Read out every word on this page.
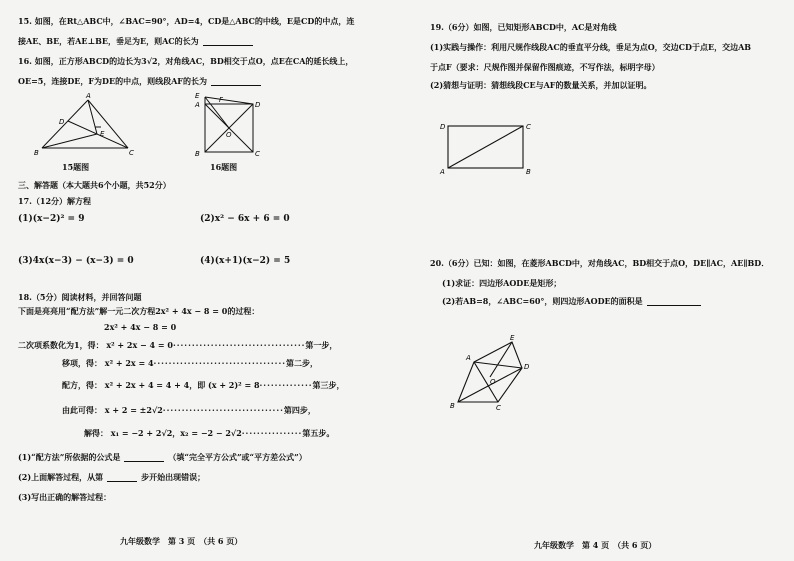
15. 如图，在Rt△ABC中，∠BAC=90°，AD=4，CD是△ABC的中线，E是CD的中点，连
接AE、BE，若AE⊥BE，垂足为E，则AC的长为
16. 如图，正方形ABCD的边长为3√2，对角线AC，BD相交于点O，点E在CA的延长线上，
OE=5，连接DE，F为DE的中点，则线段AF的长为
A
D
E
B	C
15题图
E
A	D
F
O
B	C
16题图
三、解答题（本大题共6个小题，共52分）
17.（12分）解方程
(1)(x−2)² = 9	(2)x² − 6x + 6 = 0
(3)4x(x−3) − (x−3) = 0	(4)(x+1)(x−2) = 5
18.（5分）阅读材料，并回答问题
下面是亮亮用“配方法”解一元二次方程2x² + 4x − 8 = 0的过程：
2x² + 4x − 8 = 0
二次项系数化为1，得： x² + 2x − 4 = 0···································第一步，
移项，得： x² + 2x = 4···································第二步，
配方，得： x² + 2x + 4 = 4 + 4，即 (x + 2)² = 8··············第三步，
由此可得： x + 2 = ±2√2································第四步，
解得： x₁ = −2 + 2√2，x₂ = −2 − 2√2················第五步。
(1)“配方法”所依据的公式是	（填“完全平方公式”或“平方差公式”）
(2)上面解答过程，从第	步开始出现错误；
(3)写出正确的解答过程：
九年级数学　第 3 页　（共 6 页）
19.（6分）如图，已知矩形ABCD中，AC是对角线
(1)实践与操作：利用尺规作线段AC的垂直平分线，垂足为点O，交边CD于点E，交边AB
于点F（要求：尺规作图并保留作图痕迹，不写作法，标明字母）
(2)猜想与证明：猜想线段CE与AF的数量关系，并加以证明。
D	C
A	B
20.（6分）已知：如图，在菱形ABCD中，对角线AC，BD相交于点O，DE∥AC，AE∥BD．
(1)求证：四边形AODE是矩形；
(2)若AB=8，∠ABC=60°，则四边形AODE的面积是
A
E
D
O
B	C
九年级数学　第 4 页　（共 6 页）
